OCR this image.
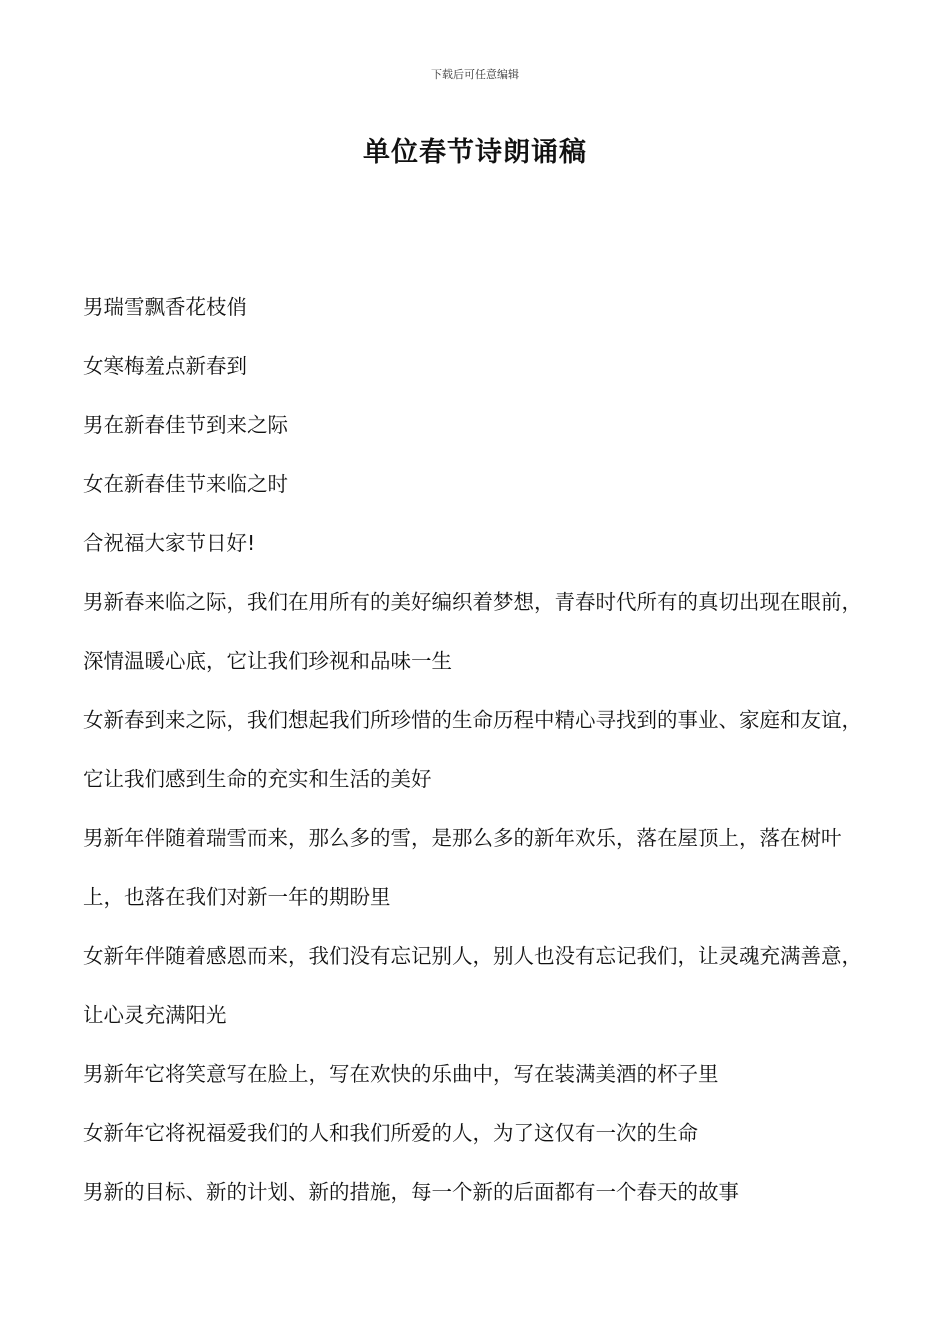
下载后可任意编辑
单位春节诗朗诵稿

男瑞雪飘香花枝俏

女寒梅羞点新春到

男在新春佳节到来之际

女在新春佳节来临之时

合祝福大家节日好!

男新春来临之际，我们在用所有的美好编织着梦想，青春时代所有的真切出现在眼前，深情温暖心底，它让我们珍视和品味一生

女新春到来之际，我们想起我们所珍惜的生命历程中精心寻找到的事业、家庭和友谊，它让我们感到生命的充实和生活的美好

男新年伴随着瑞雪而来，那么多的雪，是那么多的新年欢乐，落在屋顶上，落在树叶上，也落在我们对新一年的期盼里

女新年伴随着感恩而来，我们没有忘记别人，别人也没有忘记我们，让灵魂充满善意，让心灵充满阳光

男新年它将笑意写在脸上，写在欢快的乐曲中，写在装满美酒的杯子里

女新年它将祝福爱我们的人和我们所爱的人，为了这仅有一次的生命

男新的目标、新的计划、新的措施，每一个新的后面都有一个春天的故事
